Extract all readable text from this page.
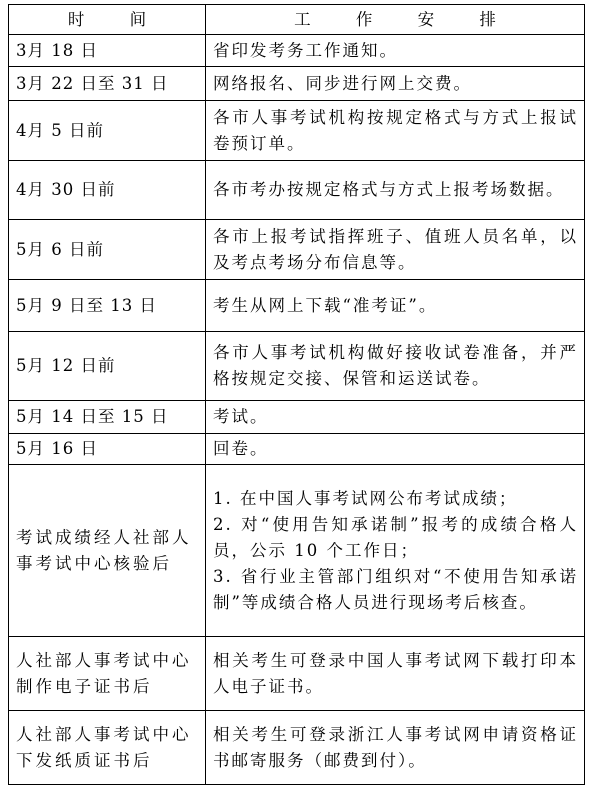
时 间	工 作 安 排
3月 18 日	省印发考务工作通知。
3月 22 日至 31 日	网络报名、同步进行网上交费。
4月 5 日前	各市人事考试机构按规定格式与方式上报试卷预订单。
4月 30 日前	各市考办按规定格式与方式上报考场数据。
5月 6 日前	各市上报考试指挥班子、值班人员名单，以及考点考场分布信息等。
5月 9 日至 13 日	考生从网上下载“准考证”。
5月 12 日前	各市人事考试机构做好接收试卷准备，并严格按规定交接、保管和运送试卷。
5月 14 日至 15 日	考试。
5月 16 日	回卷。
考试成绩经人社部人事考试中心核验后	1. 在中国人事考试网公布考试成绩；
2. 对“使用告知承诺制”报考的成绩合格人员，公示 10 个工作日；
3. 省行业主管部门组织对“不使用告知承诺制”等成绩合格人员进行现场考后核查。

人社部人事考试中心制作电子证书后	相关考生可登录中国人事考试网下载打印本人电子证书。
人社部人事考试中心下发纸质证书后	相关考生可登录浙江人事考试网申请资格证书邮寄服务（邮费到付）。
